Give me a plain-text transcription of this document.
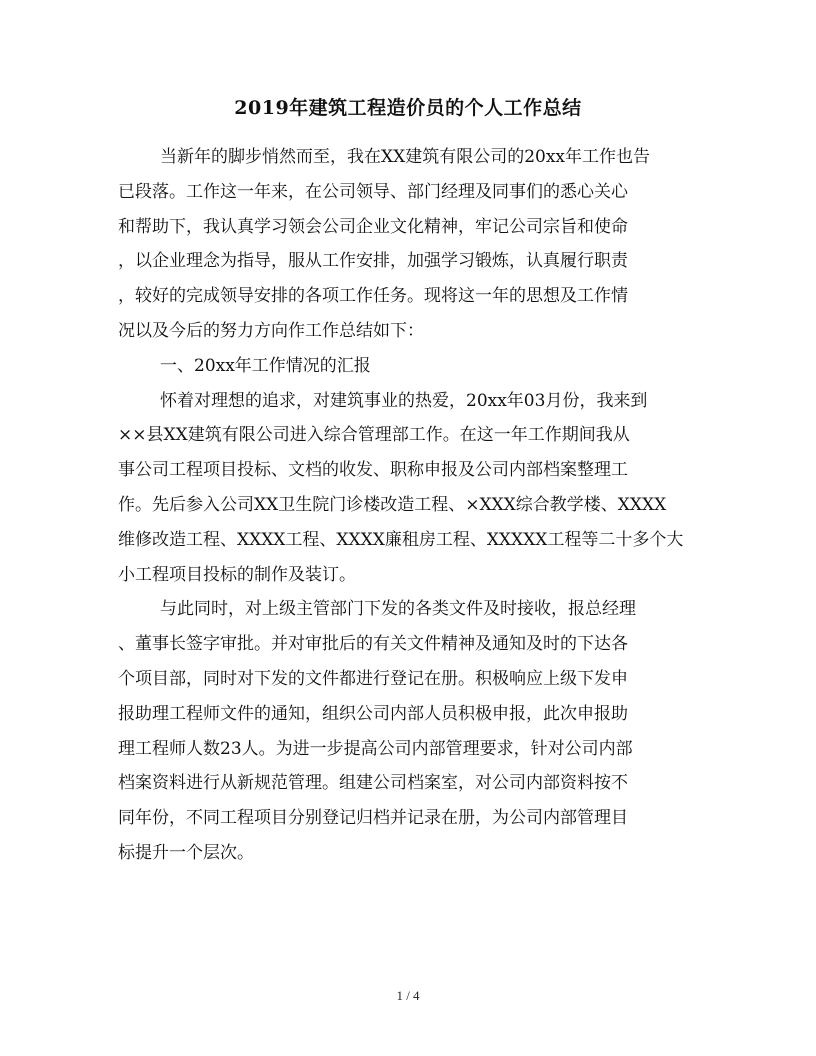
2019年建筑工程造价员的个人工作总结
当新年的脚步悄然而至，我在XX建筑有限公司的20xx年工作也告
已段落。工作这一年来，在公司领导、部门经理及同事们的悉心关心
和帮助下，我认真学习领会公司企业文化精神，牢记公司宗旨和使命
，以企业理念为指导，服从工作安排，加强学习锻炼，认真履行职责
，较好的完成领导安排的各项工作任务。现将这一年的思想及工作情
况以及今后的努力方向作工作总结如下：
一、20xx年工作情况的汇报
怀着对理想的追求，对建筑事业的热爱，20xx年03月份，我来到
××县XX建筑有限公司进入综合管理部工作。在这一年工作期间我从
事公司工程项目投标、文档的收发、职称申报及公司内部档案整理工
作。先后参入公司XX卫生院门诊楼改造工程、×XXX综合教学楼、XXXX
维修改造工程、XXXX工程、XXXX廉租房工程、XXXXX工程等二十多个大
小工程项目投标的制作及装订。
与此同时，对上级主管部门下发的各类文件及时接收，报总经理
、董事长签字审批。并对审批后的有关文件精神及通知及时的下达各
个项目部，同时对下发的文件都进行登记在册。积极响应上级下发申
报助理工程师文件的通知，组织公司内部人员积极申报，此次申报助
理工程师人数23人。为进一步提高公司内部管理要求，针对公司内部
档案资料进行从新规范管理。组建公司档案室，对公司内部资料按不
同年份，不同工程项目分别登记归档并记录在册，为公司内部管理目
标提升一个层次。
1 / 4
